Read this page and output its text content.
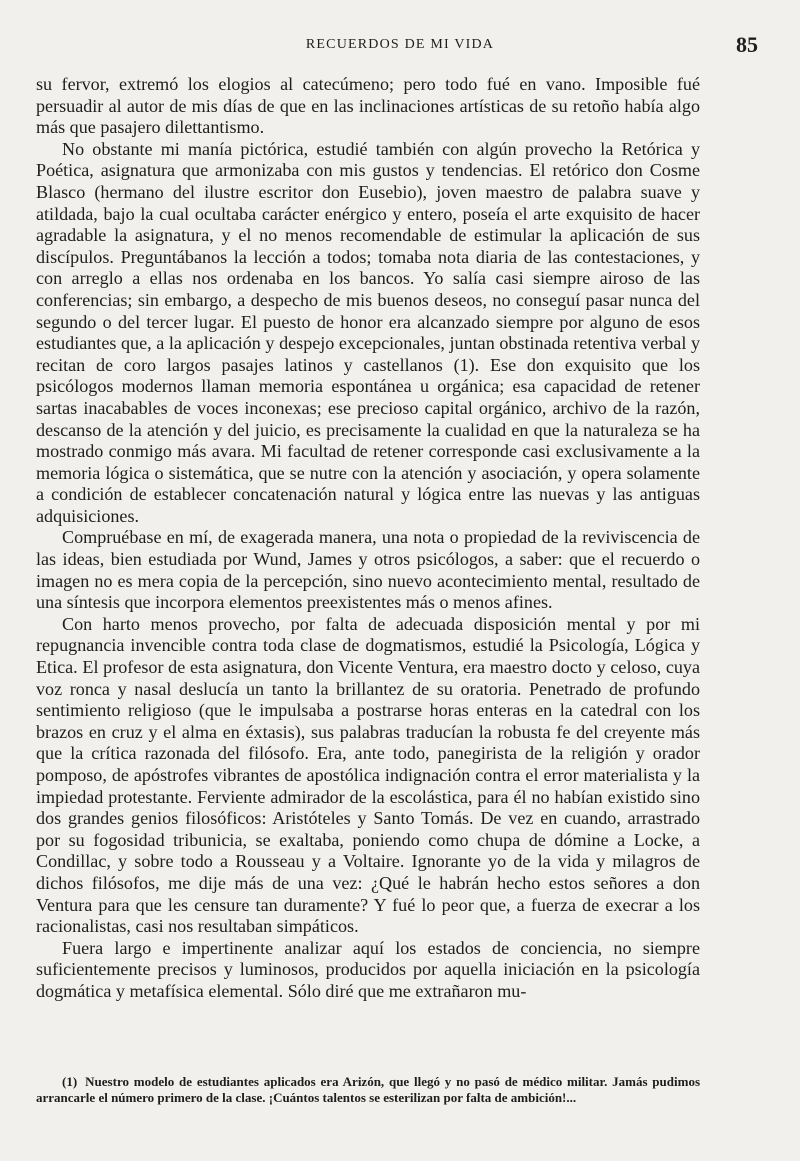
RECUERDOS DE MI VIDA	85

su fervor, extremó los elogios al catecúmeno; pero todo fué en vano. Imposible fué persuadir al autor de mis días de que en las inclinaciones artísticas de su retoño había algo más que pasajero dilettantismo.

No obstante mi manía pictórica, estudié también con algún provecho la Retórica y Poética, asignatura que armonizaba con mis gustos y tendencias. El retórico don Cosme Blasco (hermano del ilustre escritor don Eusebio), joven maestro de palabra suave y atildada, bajo la cual ocultaba carácter enérgico y entero, poseía el arte exquisito de hacer agradable la asignatura, y el no menos recomendable de estimular la aplicación de sus discípulos. Preguntábanos la lección a todos; tomaba nota diaria de las contestaciones, y con arreglo a ellas nos ordenaba en los bancos. Yo salía casi siempre airoso de las conferencias; sin embargo, a despecho de mis buenos deseos, no conseguí pasar nunca del segundo o del tercer lugar. El puesto de honor era alcanzado siempre por alguno de esos estudiantes que, a la aplicación y despejo excepcionales, juntan obstinada retentiva verbal y recitan de coro largos pasajes latinos y castellanos (1). Ese don exquisito que los psicólogos modernos llaman memoria espontánea u orgánica; esa capacidad de retener sartas inacabables de voces inconexas; ese precioso capital orgánico, archivo de la razón, descanso de la atención y del juicio, es precisamente la cualidad en que la naturaleza se ha mostrado conmigo más avara. Mi facultad de retener corresponde casi exclusivamente a la memoria lógica o sistemática, que se nutre con la atención y asociación, y opera solamente a condición de establecer concatenación natural y lógica entre las nuevas y las antiguas adquisiciones.

Compruébase en mí, de exagerada manera, una nota o propiedad de la reviviscencia de las ideas, bien estudiada por Wund, James y otros psicólogos, a saber: que el recuerdo o imagen no es mera copia de la percepción, sino nuevo acontecimiento mental, resultado de una síntesis que incorpora elementos preexistentes más o menos afines.

Con harto menos provecho, por falta de adecuada disposición mental y por mi repugnancia invencible contra toda clase de dogmatismos, estudié la Psicología, Lógica y Etica. El profesor de esta asignatura, don Vicente Ventura, era maestro docto y celoso, cuya voz ronca y nasal deslucía un tanto la brillantez de su oratoria. Penetrado de profundo sentimiento religioso (que le impulsaba a postrarse horas enteras en la catedral con los brazos en cruz y el alma en éxtasis), sus palabras traducían la robusta fe del creyente más que la crítica razonada del filósofo. Era, ante todo, panegirista de la religión y orador pomposo, de apóstrofes vibrantes de apostólica indignación contra el error materialista y la impiedad protestante. Ferviente admirador de la escolástica, para él no habían existido sino dos grandes genios filosóficos: Aristóteles y Santo Tomás. De vez en cuando, arrastrado por su fogosidad tribunicia, se exaltaba, poniendo como chupa de dómine a Locke, a Condillac, y sobre todo a Rousseau y a Voltaire. Ignorante yo de la vida y milagros de dichos filósofos, me dije más de una vez: ¿Qué le habrán hecho estos señores a don Ventura para que les censure tan duramente? Y fué lo peor que, a fuerza de execrar a los racionalistas, casi nos resultaban simpáticos.

Fuera largo e impertinente analizar aquí los estados de conciencia, no siempre suficientemente precisos y luminosos, producidos por aquella iniciación en la psicología dogmática y metafísica elemental. Sólo diré que me extrañaron mu-

(1) Nuestro modelo de estudiantes aplicados era Arizón, que llegó y no pasó de médico militar. Jamás pudimos arrancarle el número primero de la clase. ¡Cuántos talentos se esterilizan por falta de ambición!...
